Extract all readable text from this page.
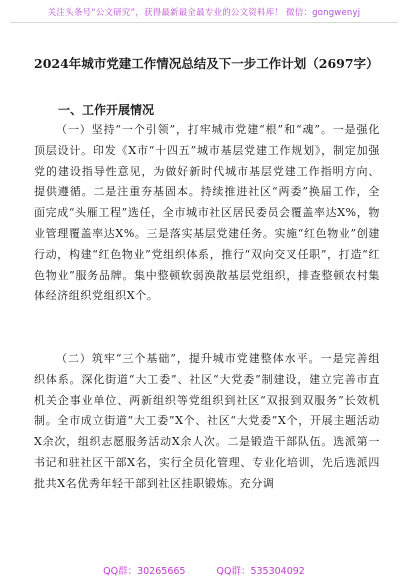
关注头条号“公文研究”，获得最新最全最专业的公文资料库！ 微信：gongwenyj
2024年城市党建工作情况总结及下一步工作计划（2697字）
一、工作开展情况

（一）坚持“一个引领”，打牢城市党建“根”和“魂”。一是强化顶层设计。印发《X市“十四五”城市基层党建工作规划》，制定加强党的建设指导性意见，为做好新时代城市基层党建工作指明方向、提供遵循。二是注重夯基固本。持续推进社区“两委”换届工作，全面完成“头雁工程”选任，全市城市社区居民委员会覆盖率达X%，物业管理覆盖率达X%。三是落实基层党建任务。实施“红色物业”创建行动，构建“红色物业”党组织体系，推行“双向交叉任职”，打造“红色物业”服务品牌。集中整顿软弱涣散基层党组织，排查整顿农村集体经济组织党组织X个。

（二）筑牢“三个基础”，提升城市党建整体水平。一是完善组织体系。深化街道“大工委”、社区“大党委”制建设，建立完善市直机关企事业单位、两新组织等党组织到社区“双报到双服务”长效机制。全市成立街道“大工委”X个、社区“大党委”X个，开展主题活动X余次，组织志愿服务活动X余人次。二是锻造干部队伍。选派第一书记和驻社区干部X名，实行全员化管理、专业化培训，先后选派四批共X名优秀年轻干部到社区挂职锻炼。充分调

QQ群：30265665	QQ群：535304092
